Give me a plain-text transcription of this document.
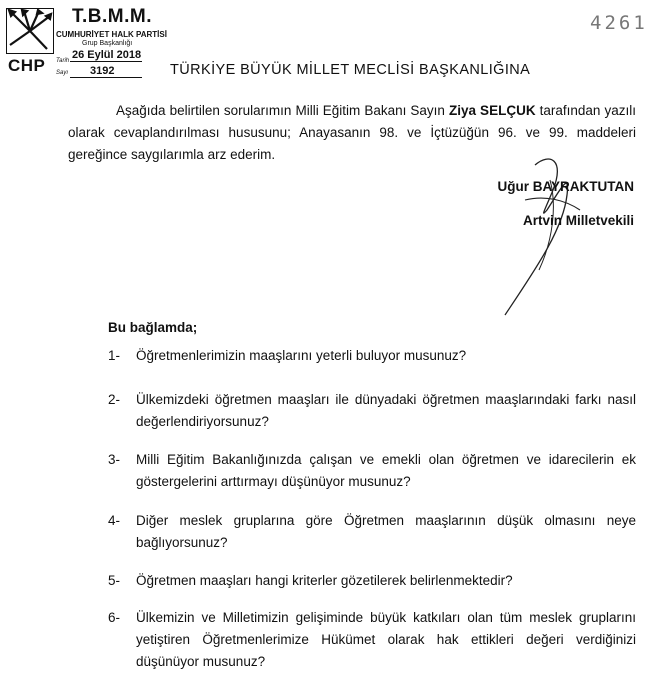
CHP
T.B.M.M.
CUMHURİYET HALK PARTİSİ
Grup Başkanlığı
Tarih 26 Eylül 2018
Sayı 3192
4261
TÜRKİYE BÜYÜK MİLLET MECLİSİ BAŞKANLIĞINA
Aşağıda belirtilen sorularımın Milli Eğitim Bakanı Sayın Ziya SELÇUK tarafından yazılı olarak cevaplandırılması hususunu; Anayasanın 98. ve İçtüzüğün 96. ve 99. maddeleri gereğince saygılarımla arz ederim.
Uğur BAYRAKTUTAN
Artvin Milletvekili
Bu bağlamda;
1-	Öğretmenlerimizin maaşlarını yeterli buluyor musunuz?
2-	Ülkemizdeki öğretmen maaşları ile dünyadaki öğretmen maaşlarındaki farkı nasıl değerlendiriyorsunuz?
3-	Milli Eğitim Bakanlığınızda çalışan ve emekli olan öğretmen ve idarecilerin ek göstergelerini arttırmayı düşünüyor musunuz?
4-	Diğer meslek gruplarına göre Öğretmen maaşlarının düşük olmasını neye bağlıyorsunuz?
5-	Öğretmen maaşları hangi kriterler gözetilerek belirlenmektedir?
6-	Ülkemizin ve Milletimizin gelişiminde büyük katkıları olan tüm meslek gruplarını yetiştiren Öğretmenlerimize Hükümet olarak hak ettikleri değeri verdiğinizi düşünüyor musunuz?
